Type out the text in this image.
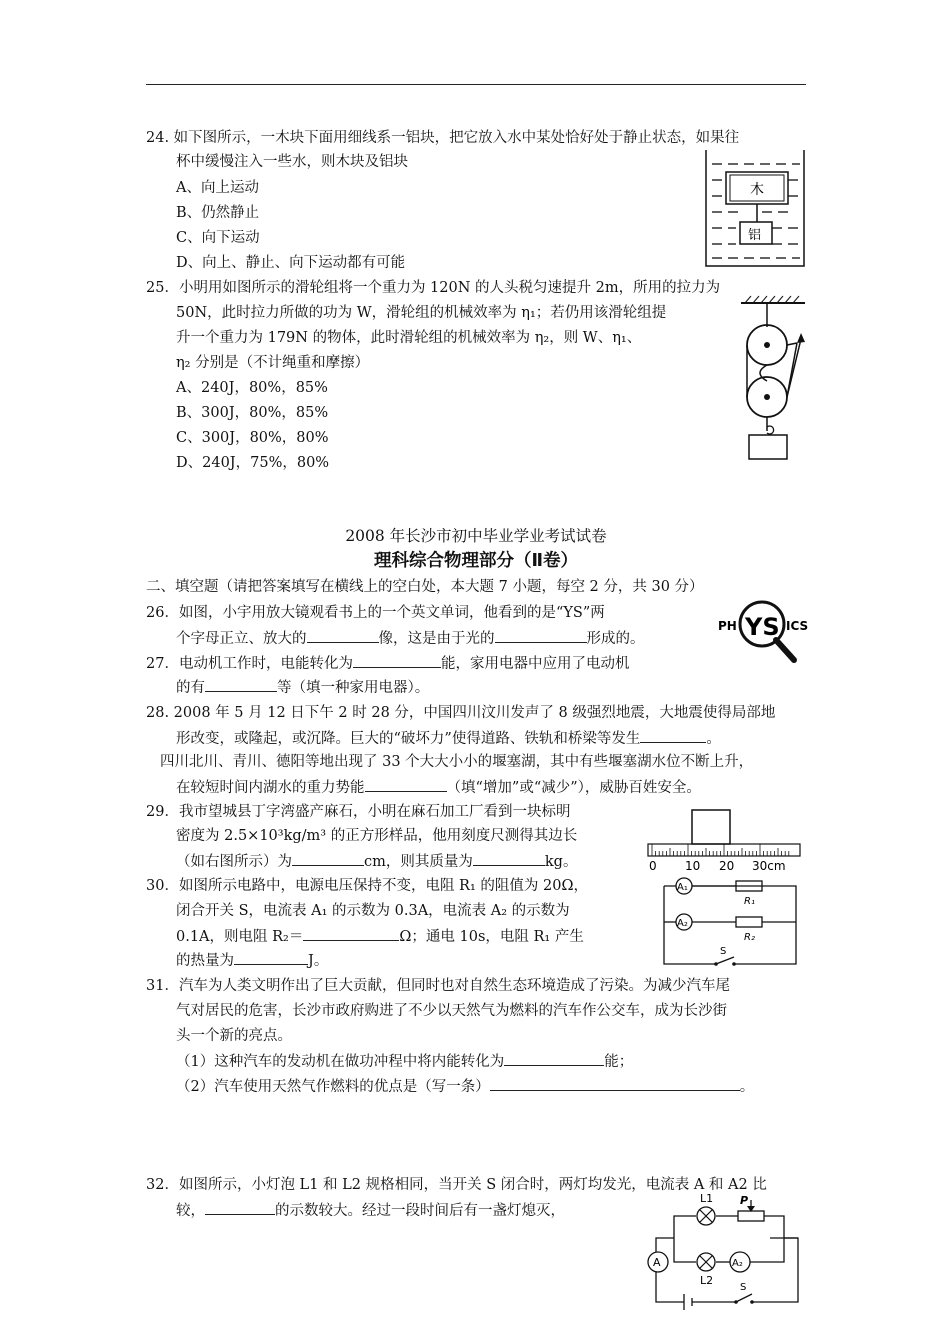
24. 如下图所示，一木块下面用细线系一铝块，把它放入水中某处恰好处于静止状态，如果往
杯中缓慢注入一些水，则木块及铝块
A、向上运动
B、仍然静止
C、向下运动
D、向上、静止、向下运动都有可能
木
铝
25．小明用如图所示的滑轮组将一个重力为 120N 的人头税匀速提升 2m，所用的拉力为
50N，此时拉力所做的功为 W，滑轮组的机械效率为 η₁；若仍用该滑轮组提
升一个重力为 179N 的物体，此时滑轮组的机械效率为 η₂，则 W、η₁、
η₂ 分别是（不计绳重和摩擦）
A、240J，80%，85%
B、300J，80%，85%
C、300J，80%，80%
D、240J，75%，80%
2008 年长沙市初中毕业学业考试试卷
理科综合物理部分（Ⅱ卷）
二、填空题（请把答案填写在横线上的空白处，本大题 7 小题，每空 2 分，共 30 分）
26．如图，小宇用放大镜观看书上的一个英文单词，他看到的是“YS”两
个字母正立、放大的	像，这是由于光的	形成的。
PH YS ICS
27．电动机工作时，电能转化为	能，家用电器中应用了电动机
的有	等（填一种家用电器）。
28. 2008 年 5 月 12 日下午 2 时 28 分，中国四川汶川发声了 8 级强烈地震，大地震使得局部地
形改变，或隆起，或沉降。巨大的“破坏力”使得道路、铁轨和桥梁等发生	。
四川北川、青川、德阳等地出现了 33 个大大小小的堰塞湖，其中有些堰塞湖水位不断上升，
在较短时间内湖水的重力势能	（填“增加”或“减少”），威胁百姓安全。
29．我市望城县丁字湾盛产麻石，小明在麻石加工厂看到一块标明
密度为 2.5×10³kg/m³ 的正方形样品，他用刻度尺测得其边长
（如右图所示）为	cm，则其质量为	kg。	0 10 20 30cm
30．如图所示电路中，电源电压保持不变，电阻 R₁ 的阻值为 20Ω，
闭合开关 S，电流表 A₁ 的示数为 0.3A，电流表 A₂ 的示数为
0.1A，则电阻 R₂＝	Ω；通电 10s，电阻 R₁ 产生
的热量为	J。
A₁
A₂
R₁
R₂
S
31．汽车为人类文明作出了巨大贡献，但同时也对自然生态环境造成了污染。为减少汽车尾
气对居民的危害，长沙市政府购进了不少以天然气为燃料的汽车作公交车，成为长沙街
头一个新的亮点。
（1）这种汽车的发动机在做功冲程中将内能转化为	能；
（2）汽车使用天然气作燃料的优点是（写一条）	。
32．如图所示，小灯泡 L1 和 L2 规格相同，当开关 S 闭合时，两灯均发光，电流表 A 和 A2 比
较，	的示数较大。经过一段时间后有一盏灯熄灭，
L1
L2
P
A	A₂
S
